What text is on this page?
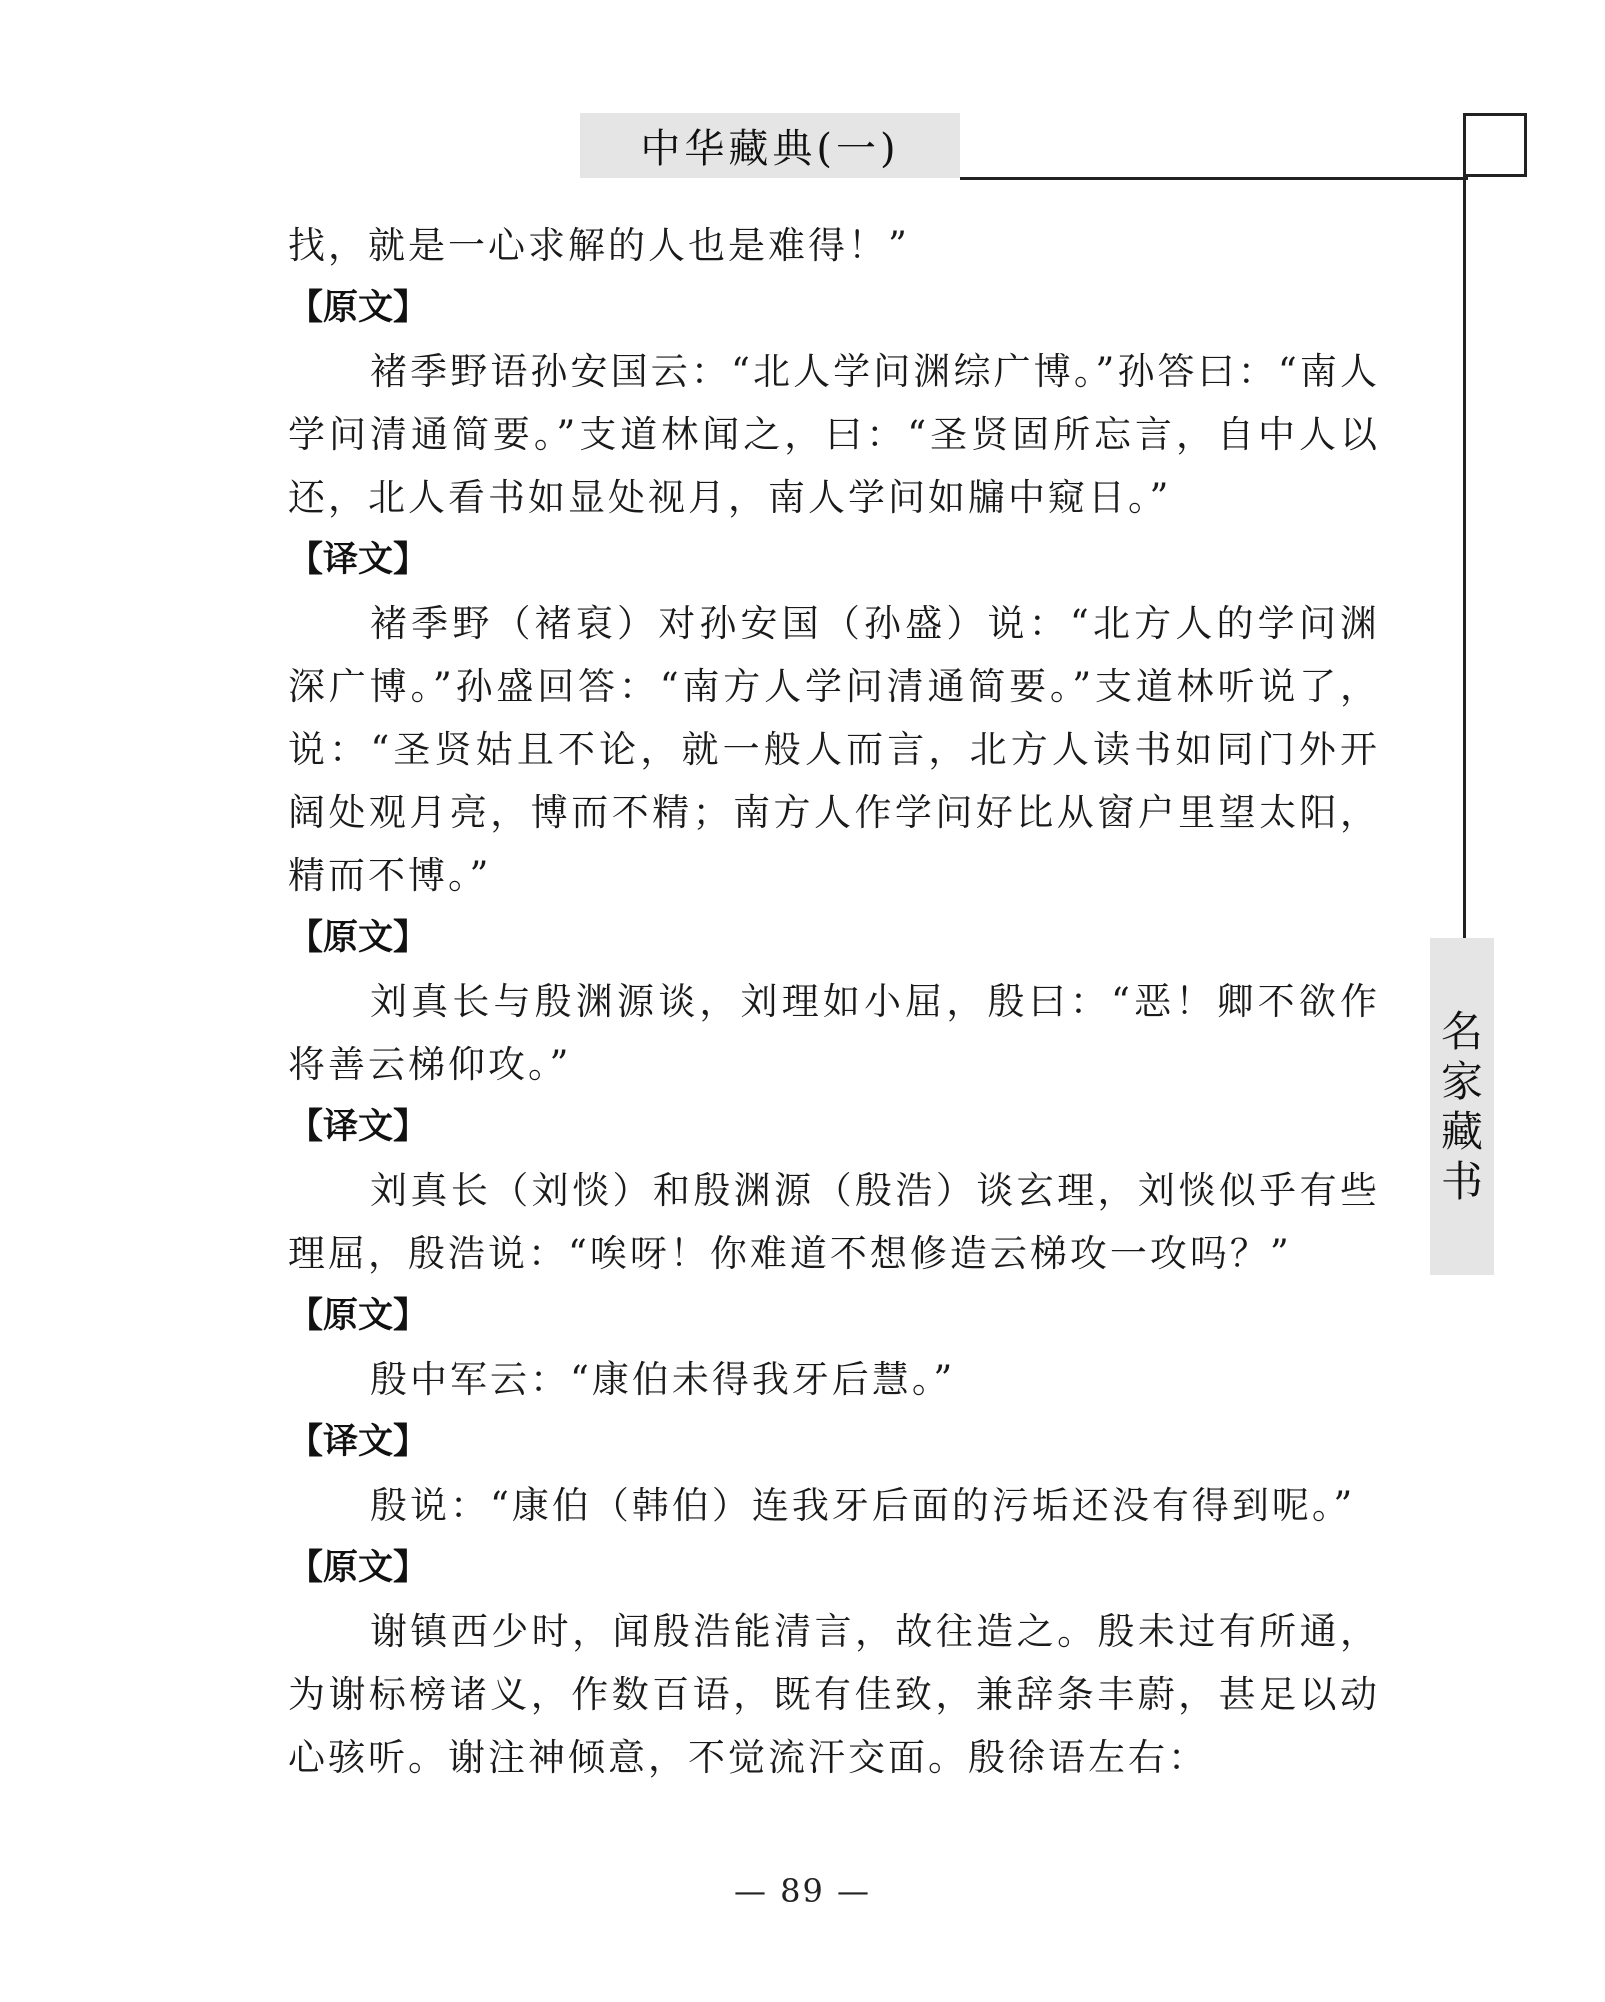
中华藏典(一)
名
家
藏
书

找，就是一心求解的人也是难得！”

【原文】

褚季野语孙安国云：“北人学问渊综广博。”孙答曰：“南人学问清通简要。”支道林闻之，曰：“圣贤固所忘言，自中人以还，北人看书如显处视月，南人学问如牖中窥日。”

【译文】

褚季野（褚裒）对孙安国（孙盛）说：“北方人的学问渊深广博。”孙盛回答：“南方人学问清通简要。”支道林听说了，说：“圣贤姑且不论，就一般人而言，北方人读书如同门外开阔处观月亮，博而不精；南方人作学问好比从窗户里望太阳，精而不博。”

【原文】

刘真长与殷渊源谈，刘理如小屈，殷曰：“恶！卿不欲作将善云梯仰攻。”

【译文】

刘真长（刘惔）和殷渊源（殷浩）谈玄理，刘惔似乎有些理屈，殷浩说：“唉呀！你难道不想修造云梯攻一攻吗？”

【原文】

殷中军云：“康伯未得我牙后慧。”

【译文】

殷说：“康伯（韩伯）连我牙后面的污垢还没有得到呢。”

【原文】

谢镇西少时，闻殷浩能清言，故往造之。殷未过有所通，为谢标榜诸义，作数百语，既有佳致，兼辞条丰蔚，甚足以动心骇听。谢注神倾意，不觉流汗交面。殷徐语左右：

— 89 —
